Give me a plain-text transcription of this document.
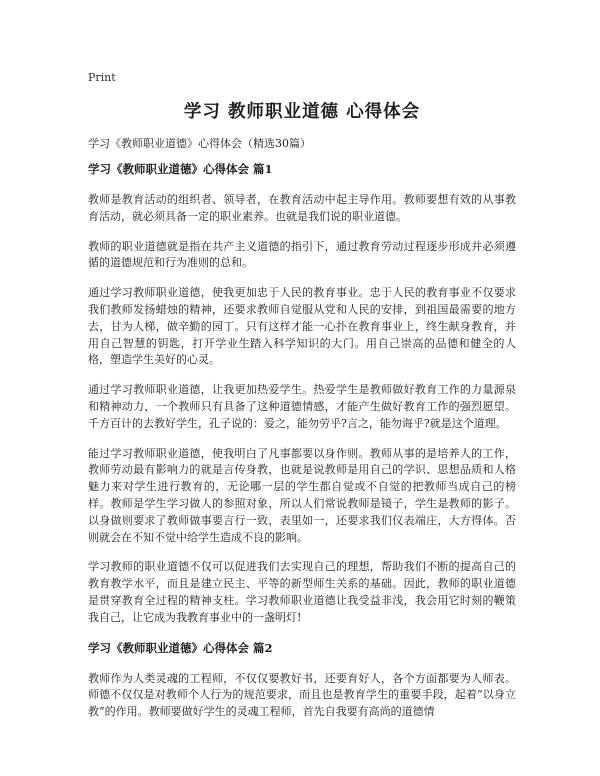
Print
学习 教师职业道德 心得体会
学习《教师职业道德》心得体会（精选30篇）
学习《教师职业道德》心得体会 篇1

教师是教育活动的组织者、领导者，在教育活动中起主导作用。教师要想有效的从事教育活动，就必须具备一定的职业素养。也就是我们说的职业道德。

教师的职业道德就是指在共产主义道德的指引下，通过教育劳动过程逐步形成并必须遵循的道德规范和行为准则的总和。

通过学习教师职业道德，使我更加忠于人民的教育事业。忠于人民的教育事业不仅要求我们教师发扬蜡烛的精神，还要求教师自觉服从党和人民的安排，到祖国最需要的地方去，甘为人梯，做辛勤的园丁。只有这样才能一心扑在教育事业上，终生献身教育，并用自己智慧的钥匙，打开学业生踏入科学知识的大门。用自己崇高的品德和健全的人格，塑造学生美好的心灵。

通过学习教师职业道德，让我更加热爱学生。热爱学生是教师做好教育工作的力量源泉和精神动力，一个教师只有具备了这种道德情感，才能产生做好教育工作的强烈愿望。千方百计的去教好学生，孔子说的：爱之，能勿劳乎?言之，能勿诲乎?就是这个道理。

能过学习教师职业道德，使我明白了凡事都要以身作则。教师从事的是培养人的工作，教师劳动最有影响力的就是言传身教，也就是说教师是用自己的学识、思想品质和人格魅力来对学生进行教育的，无论哪一层的学生都自觉或不自觉的把教师当成自己的榜样。教师是学生学习做人的参照对象，所以人们常说教师是镜子，学生是教师的影子。以身做则要求了教师做事要言行一致，表里如一，还要求我们仪表端庄，大方得体。否则就会在不知不觉中给学生造成不良的影响。

学习教师的职业道德不仅可以促进我们去实现自己的理想，帮助我们不断的提高自己的教育教学水平，而且是建立民主、平等的新型师生关系的基础。因此，教师的职业道德是贯穿教育全过程的精神支柱。学习教师职业道德让我受益非浅，我会用它时刻的鞭策我自己，让它成为我教育事业中的一盏明灯!

学习《教师职业道德》心得体会 篇2

教师作为人类灵魂的工程师，不仅仅要教好书，还要育好人，各个方面都要为人师表。师德不仅仅是对教师个人行为的规范要求，而且也是教育学生的重要手段，起着“以身立教”的作用。教师要做好学生的灵魂工程师，首先自我要有高尚的道德情
